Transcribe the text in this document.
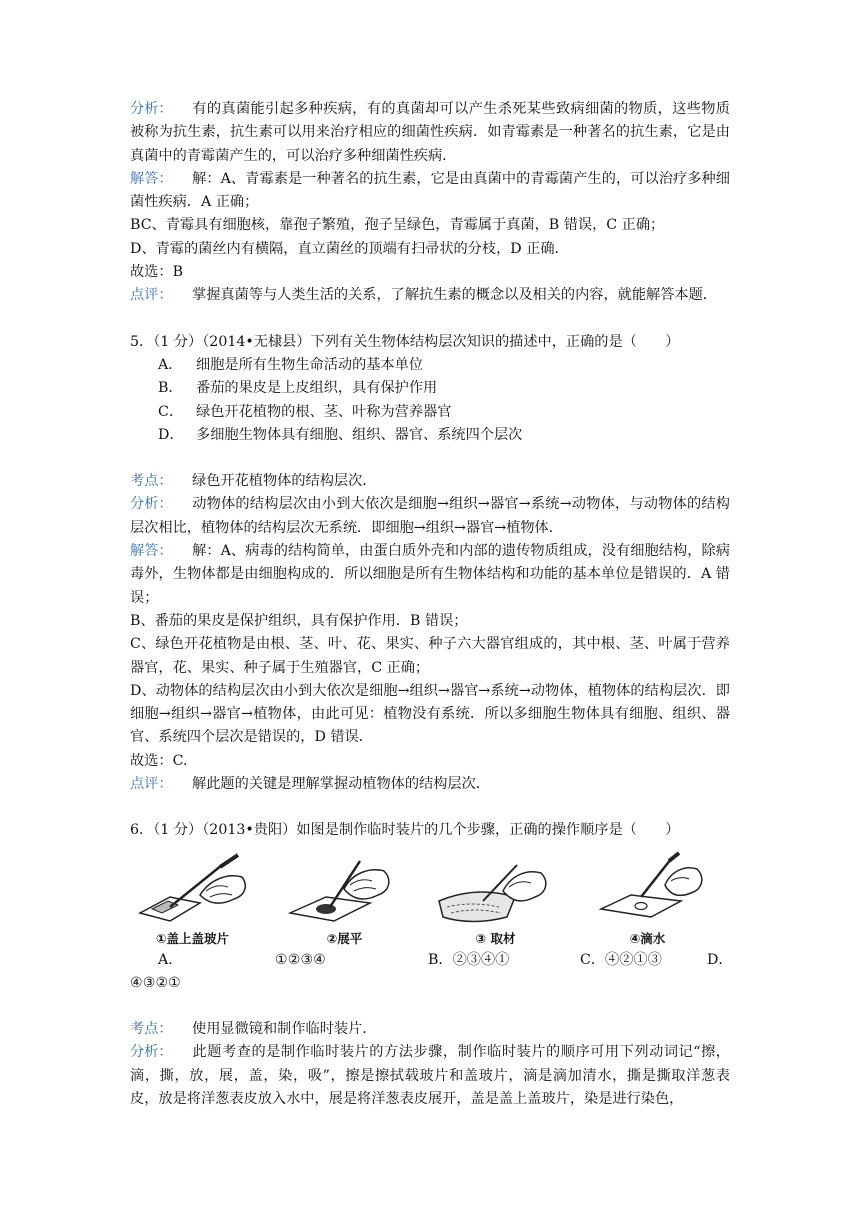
分析： 有的真菌能引起多种疾病，有的真菌却可以产生杀死某些致病细菌的物质，这些物质被称为抗生素，抗生素可以用来治疗相应的细菌性疾病．如青霉素是一种著名的抗生素，它是由真菌中的青霉菌产生的，可以治疗多种细菌性疾病．
解答： 解：A、青霉素是一种著名的抗生素，它是由真菌中的青霉菌产生的，可以治疗多种细菌性疾病．A 正确；
BC、青霉具有细胞核，靠孢子繁殖，孢子呈绿色，青霉属于真菌，B 错误，C 正确；
D、青霉的菌丝内有横隔，直立菌丝的顶端有扫帚状的分枝，D 正确．
故选：B
点评： 掌握真菌等与人类生活的关系，了解抗生素的概念以及相关的内容，就能解答本题．
5．（1 分）（2014•无棣县）下列有关生物体结构层次知识的描述中，正确的是（　　）
A． 细胞是所有生物生命活动的基本单位
B． 番茄的果皮是上皮组织，具有保护作用
C． 绿色开花植物的根、茎、叶称为营养器官
D． 多细胞生物体具有细胞、组织、器官、系统四个层次
考点： 绿色开花植物体的结构层次．
分析： 动物体的结构层次由小到大依次是细胞→组织→器官→系统→动物体，与动物体的结构层次相比，植物体的结构层次无系统．即细胞→组织→器官→植物体．
解答： 解：A、病毒的结构简单，由蛋白质外壳和内部的遗传物质组成，没有细胞结构，除病毒外，生物体都是由细胞构成的．所以细胞是所有生物体结构和功能的基本单位是错误的．A 错误；
B、番茄的果皮是保护组织，具有保护作用．B 错误；
C、绿色开花植物是由根、茎、叶、花、果实、种子六大器官组成的，其中根、茎、叶属于营养器官，花、果实、种子属于生殖器官，C 正确；
D、动物体的结构层次由小到大依次是细胞→组织→器官→系统→动物体，植物体的结构层次．即细胞→组织→器官→植物体，由此可见：植物没有系统．所以多细胞生物体具有细胞、组织、器官、系统四个层次是错误的，D 错误．
故选：C.
点评： 解此题的关键是理解掌握动植物体的结构层次．
6．（1 分）（2013•贵阳）如图是制作临时装片的几个步骤，正确的操作顺序是（　　）
①盖上盖玻片	②展平	③ 取材	④滴水
A．	①②③④	B．②③④①	C．④②①③	D．
④③②①
考点： 使用显微镜和制作临时装片．
分析： 此题考查的是制作临时装片的方法步骤，制作临时装片的顺序可用下列动词记“擦，滴，撕，放，展，盖，染，吸”，擦是擦拭载玻片和盖玻片，滴是滴加清水，撕是撕取洋葱表皮，放是将洋葱表皮放入水中，展是将洋葱表皮展开，盖是盖上盖玻片，染是进行染色，
